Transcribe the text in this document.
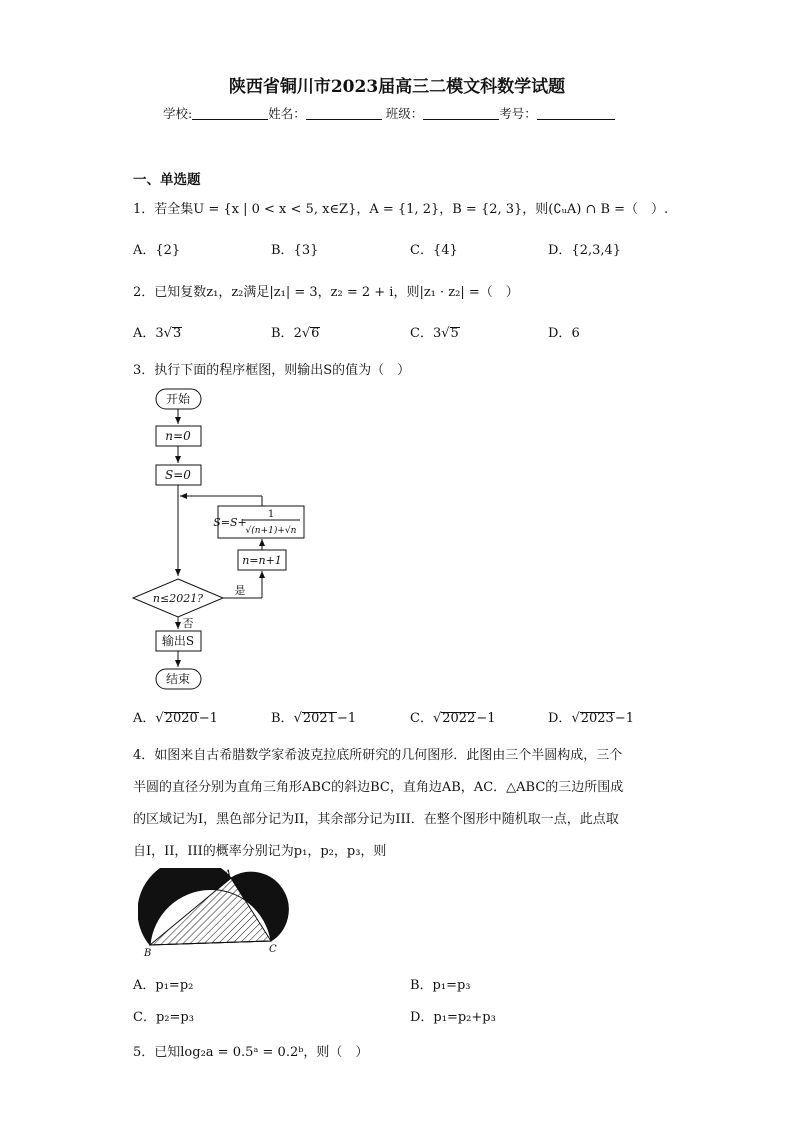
陕西省铜川市2023届高三二模文科数学试题
学校:	姓名：	班级：	考号：
一、单选题
1．若全集U = {x | 0 < x < 5, x∈Z}，A = {1, 2}，B = {2, 3}，则(∁ᵤA) ∩ B =（　）.
A．{2}	B．{3}	C．{4}	D．{2,3,4}
2．已知复数z₁，z₂满足|z₁| = 3，z₂ = 2 + i，则|z₁ · z₂| =（　）
A．3√3	B．2√6	C．3√5	D．6
3．执行下面的程序框图，则输出S的值为（　）
开始
n=0
S=0
n=n+1
S=S+
1
√(n+1)+√n
n≤2021?
是
否
输出S
结束
A．√2020−1	B．√2021−1	C．√2022−1	D．√2023−1
4．如图来自古希腊数学家希波克拉底所研究的几何图形．此图由三个半圆构成，三个
半圆的直径分别为直角三角形ABC的斜边BC，直角边AB，AC．△ABC的三边所围成
的区域记为I，黑色部分记为II，其余部分记为III．在整个图形中随机取一点，此点取
自I，II，III的概率分别记为p₁，p₂，p₃，则
A
B	C
A．p₁=p₂	B．p₁=p₃
C．p₂=p₃	D．p₁=p₂+p₃
5．已知log₂a = 0.5ᵃ = 0.2ᵇ，则（　）
